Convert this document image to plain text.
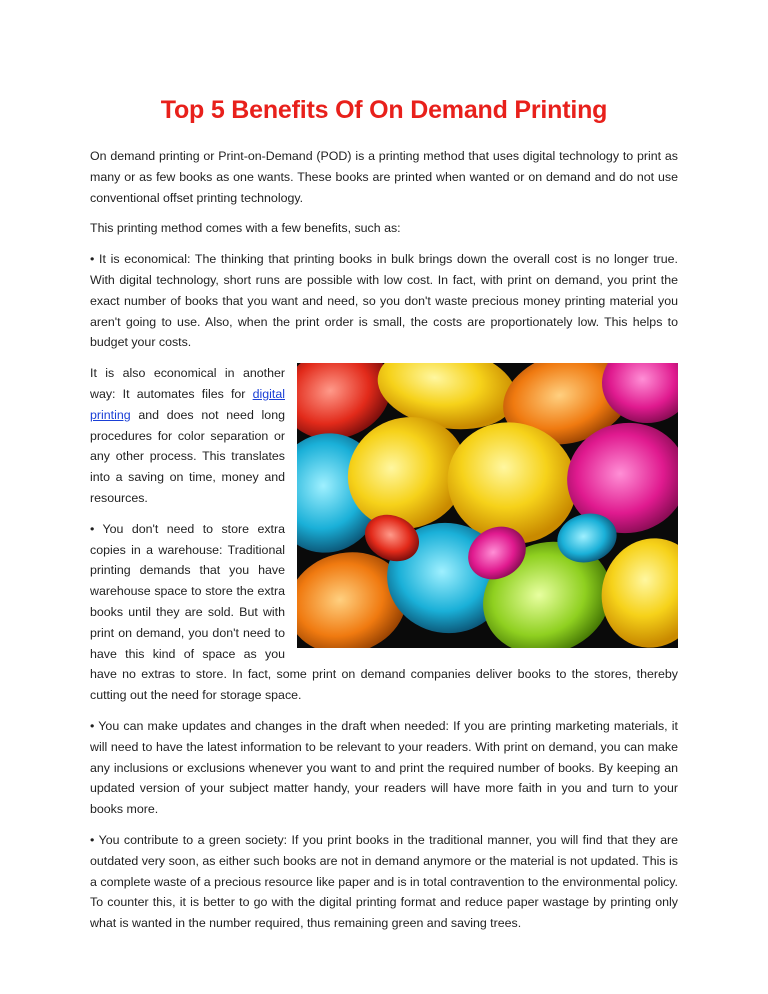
Top 5 Benefits Of On Demand Printing

On demand printing or Print-on-Demand (POD) is a printing method that uses digital technology to print as many or as few books as one wants. These books are printed when wanted or on demand and do not use conventional offset printing technology.

This printing method comes with a few benefits, such as:

• It is economical: The thinking that printing books in bulk brings down the overall cost is no longer true. With digital technology, short runs are possible with low cost. In fact, with print on demand, you print the exact number of books that you want and need, so you don't waste precious money printing material you aren't going to use. Also, when the print order is small, the costs are proportionately low. This helps to budget your costs.

It is also economical in another way: It automates files for digital printing and does not need long procedures for color separation or any other process. This translates into a saving on time, money and resources.

• You don't need to store extra copies in a warehouse: Traditional printing demands that you have warehouse space to store the extra books until they are sold. But with print on demand, you don't need to have this kind of space as you have no extras to store. In fact, some print on demand companies deliver books to the stores, thereby cutting out the need for storage space.

• You can make updates and changes in the draft when needed: If you are printing marketing materials, it will need to have the latest information to be relevant to your readers. With print on demand, you can make any inclusions or exclusions whenever you want to and print the required number of books. By keeping an updated version of your subject matter handy, your readers will have more faith in you and turn to your books more.

• You contribute to a green society: If you print books in the traditional manner, you will find that they are outdated very soon, as either such books are not in demand anymore or the material is not updated. This is a complete waste of a precious resource like paper and is in total contravention to the environmental policy. To counter this, it is better to go with the digital printing format and reduce paper wastage by printing only what is wanted in the number required, thus remaining green and saving trees.
